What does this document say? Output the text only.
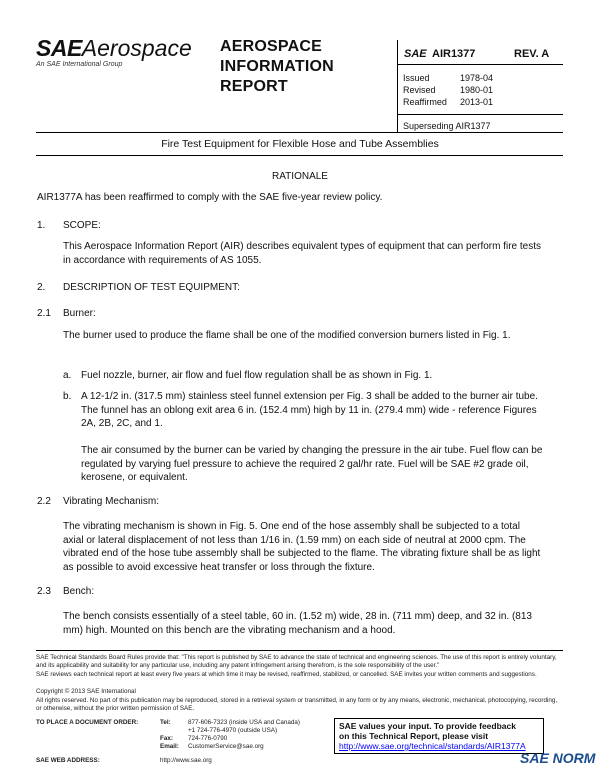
SAEAerospace
An SAE International Group
AEROSPACE
INFORMATION
REPORT
SAE AIR1377	REV. A
Issued	1978-04
Revised	1980-01
Reaffirmed 2013-01
Superseding AIR1377
Fire Test Equipment for Flexible Hose and Tube Assemblies
RATIONALE
AIR1377A has been reaffirmed to comply with the SAE five-year review policy.
1. SCOPE:
This Aerospace Information Report (AIR) describes equivalent types of equipment that can perform fire tests in accordance with requirements of AS 1055.
2. DESCRIPTION OF TEST EQUIPMENT:
2.1 Burner:
The burner used to produce the flame shall be one of the modified conversion burners listed in Fig. 1.
a. Fuel nozzle, burner, air flow and fuel flow regulation shall be as shown in Fig. 1.
b. A 12-1/2 in. (317.5 mm) stainless steel funnel extension per Fig. 3 shall be added to the burner air tube. The funnel has an oblong exit area 6 in. (152.4 mm) high by 11 in. (279.4 mm) wide - reference Figures 2A, 2B, 2C, and 1.
The air consumed by the burner can be varied by changing the pressure in the air tube. Fuel flow can be regulated by varying fuel pressure to achieve the required 2 gal/hr rate. Fuel will be SAE #2 grade oil, kerosene, or equivalent.
2.2 Vibrating Mechanism:
The vibrating mechanism is shown in Fig. 5. One end of the hose assembly shall be subjected to a total axial or lateral displacement of not less than 1/16 in. (1.59 mm) on each side of neutral at 2000 cpm. The vibrated end of the hose tube assembly shall be subjected to the flame. The vibrating fixture shall be as light as possible to avoid excessive heat transfer or loss through the fixture.
2.3 Bench:
The bench consists essentially of a steel table, 60 in. (1.52 m) wide, 28 in. (711 mm) deep, and 32 in. (813 mm) high. Mounted on this bench are the vibrating mechanism and a hood.
SAE Technical Standards Board Rules provide that: "This report is published by SAE to advance the state of technical and engineering sciences. The use of this report is entirely voluntary, and its applicability and suitability for any particular use, including any patent infringement arising therefrom, is the sole responsibility of the user."
SAE reviews each technical report at least every five years at which time it may be revised, reaffirmed, stabilized, or cancelled. SAE invites your written comments and suggestions.
Copyright © 2013 SAE International
All rights reserved. No part of this publication may be reproduced, stored in a retrieval system or transmitted, in any form or by any means, electronic, mechanical, photocopying, recording, or otherwise, without the prior written permission of SAE.
TO PLACE A DOCUMENT ORDER:	Tel:	877-606-7323 (inside USA and Canada)
+1 724-776-4970 (outside USA)
Fax: 724-776-0790
Email: CustomerService@sae.org
SAE WEB ADDRESS:	http://www.sae.org
SAE values your input. To provide feedback
on this Technical Report, please visit
http://www.sae.org/technical/standards/AIR1377A
SAE NORM
